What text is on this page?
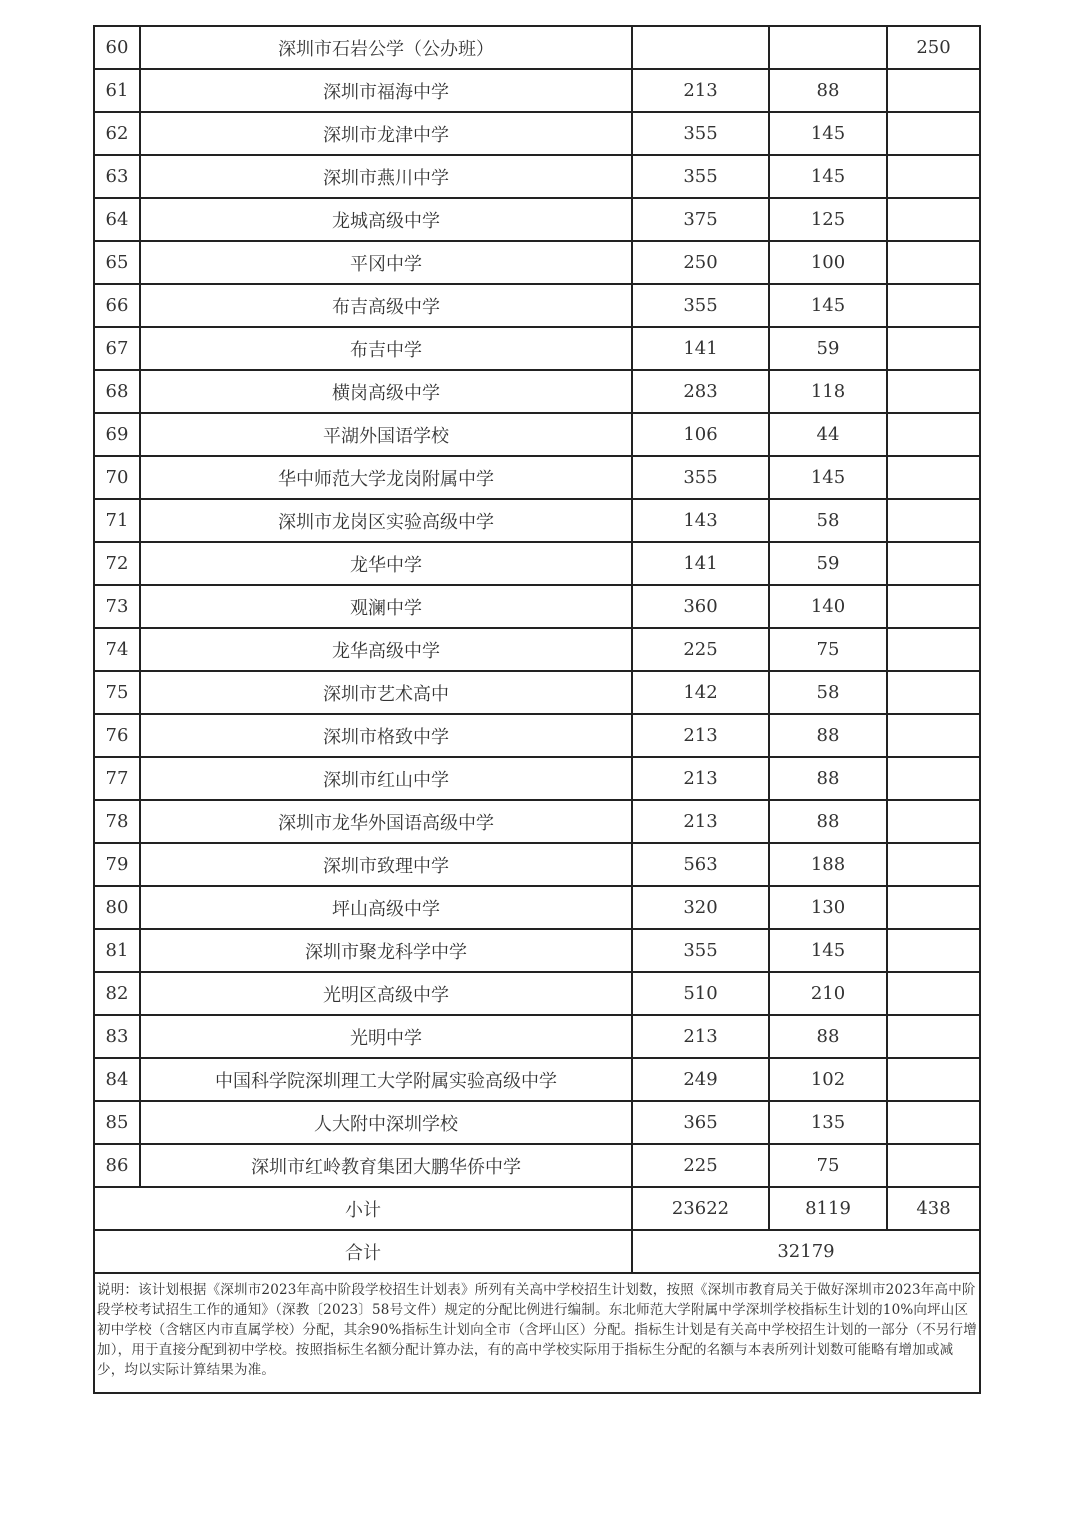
60	深圳市石岩公学（公办班）			250
61	深圳市福海中学	213	88	
62	深圳市龙津中学	355	145	
63	深圳市燕川中学	355	145	
64	龙城高级中学	375	125	
65	平冈中学	250	100	
66	布吉高级中学	355	145	
67	布吉中学	141	59	
68	横岗高级中学	283	118	
69	平湖外国语学校	106	44	
70	华中师范大学龙岗附属中学	355	145	
71	深圳市龙岗区实验高级中学	143	58	
72	龙华中学	141	59	
73	观澜中学	360	140	
74	龙华高级中学	225	75	
75	深圳市艺术高中	142	58	
76	深圳市格致中学	213	88	
77	深圳市红山中学	213	88	
78	深圳市龙华外国语高级中学	213	88	
79	深圳市致理中学	563	188	
80	坪山高级中学	320	130	
81	深圳市聚龙科学中学	355	145	
82	光明区高级中学	510	210	
83	光明中学	213	88	
84	中国科学院深圳理工大学附属实验高级中学	249	102	
85	人大附中深圳学校	365	135	
86	深圳市红岭教育集团大鹏华侨中学	225	75	
小计		23622	8119	438
合计		32179		
说明：该计划根据《深圳市2023年高中阶段学校招生计划表》所列有关高中学校招生计划数，按照《深圳市教育局关于做好深圳市2023年高中阶段学校考试招生工作的通知》（深教〔2023〕58号文件）规定的分配比例进行编制。东北师范大学附属中学深圳学校指标生计划的10%向坪山区初中学校（含辖区内市直属学校）分配，其余90%指标生计划向全市（含坪山区）分配。指标生计划是有关高中学校招生计划的一部分（不另行增加），用于直接分配到初中学校。按照指标生名额分配计算办法，有的高中学校实际用于指标生分配的名额与本表所列计划数可能略有增加或减少，均以实际计算结果为准。				
